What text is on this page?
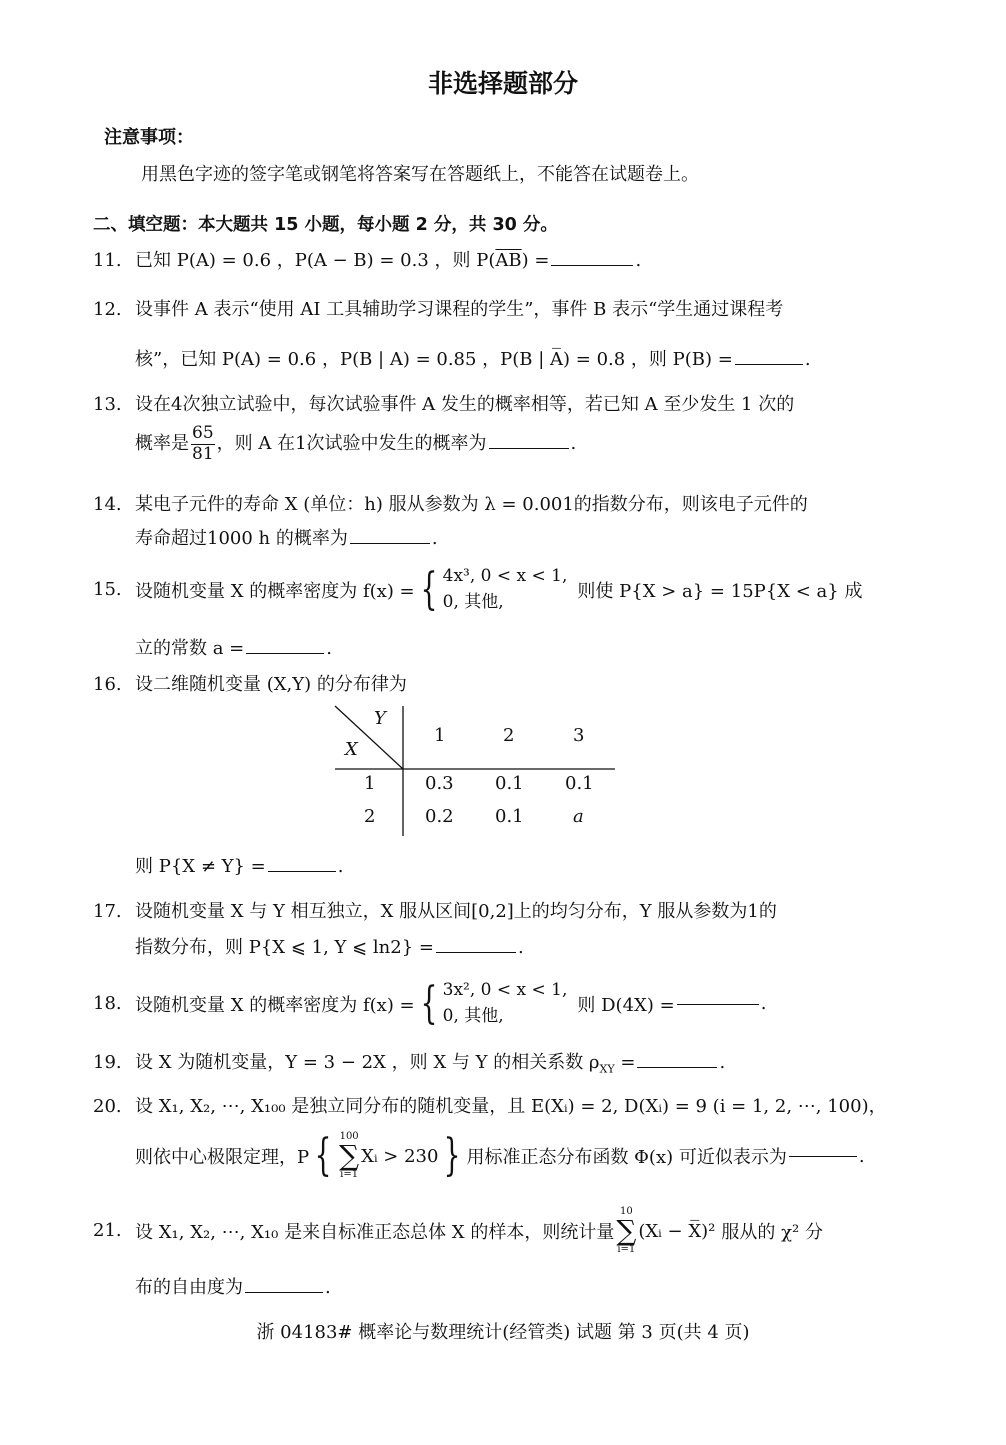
非选择题部分
注意事项：
用黑色字迹的签字笔或钢笔将答案写在答题纸上，不能答在试题卷上。
二、填空题：本大题共 15 小题，每小题 2 分，共 30 分。
11. 已知 P(A) = 0.6 ，P(A − B) = 0.3 ，则 $P(\overline{AB})$ =	.
12. 设事件 A 表示“使用 AI 工具辅助学习课程的学生”，事件 B 表示“学生通过课程考
核”，已知 P(A) = 0.6 ，P(B | A) = 0.85 ，P(B | A̅) = 0.8 ，则 P(B) =	.
13. 设在4次独立试验中，每次试验事件 A 发生的概率相等，若已知 A 至少发生 1 次的
概率是 $\frac{65}{81}$ ，则 A 在1次试验中发生的概率为	.
14. 某电子元件的寿命 X (单位：h) 服从参数为 λ = 0.001的指数分布，则该电子元件的
寿命超过1000 h 的概率为	.
15. 设随机变量 X 的概率密度为 f(x) = { 4x³, 0 < x < 1,
0, 其他,	则使 P{X > a} = 15P{X < a} 成
立的常数 a =	.
16. 设二维随机变量 (X,Y) 的分布律为
Y
X
1	2	3
1	0.3 0.1 0.1
2	0.2 0.1	a
则 P{X ≠ Y} =	.
17. 设随机变量 X 与 Y 相互独立，X 服从区间[0,2]上的均匀分布，Y 服从参数为1的
指数分布，则 P{X ⩽ 1, Y ⩽ ln2} =	.
18. 设随机变量 X 的概率密度为 f(x) = { 3x², 0 < x < 1,
0, 其他,	则 D(4X) =	.
19. 设 X 为随机变量，Y = 3 − 2X ，则 X 与 Y 的相关系数 $\rho_{XY}$ =	.
20. 设 X₁, X₂, ⋯, X₁₀₀ 是独立同分布的随机变量，且 E(Xᵢ) = 2, D(Xᵢ) = 9 (i = 1, 2, ⋯, 100)，
则依中心极限定理，P { 100
∑
i=1
Xᵢ > 230 } 用标准正态分布函数 Φ(x) 可近似表示为	.
21. 设 X₁, X₂, ⋯, X₁₀ 是来自标准正态总体 X 的样本，则统计量
10
∑
i=1
(Xᵢ − X̅)² 服从的 χ² 分
布的自由度为	.
浙 04183# 概率论与数理统计(经管类) 试题 第 3 页(共 4 页)
